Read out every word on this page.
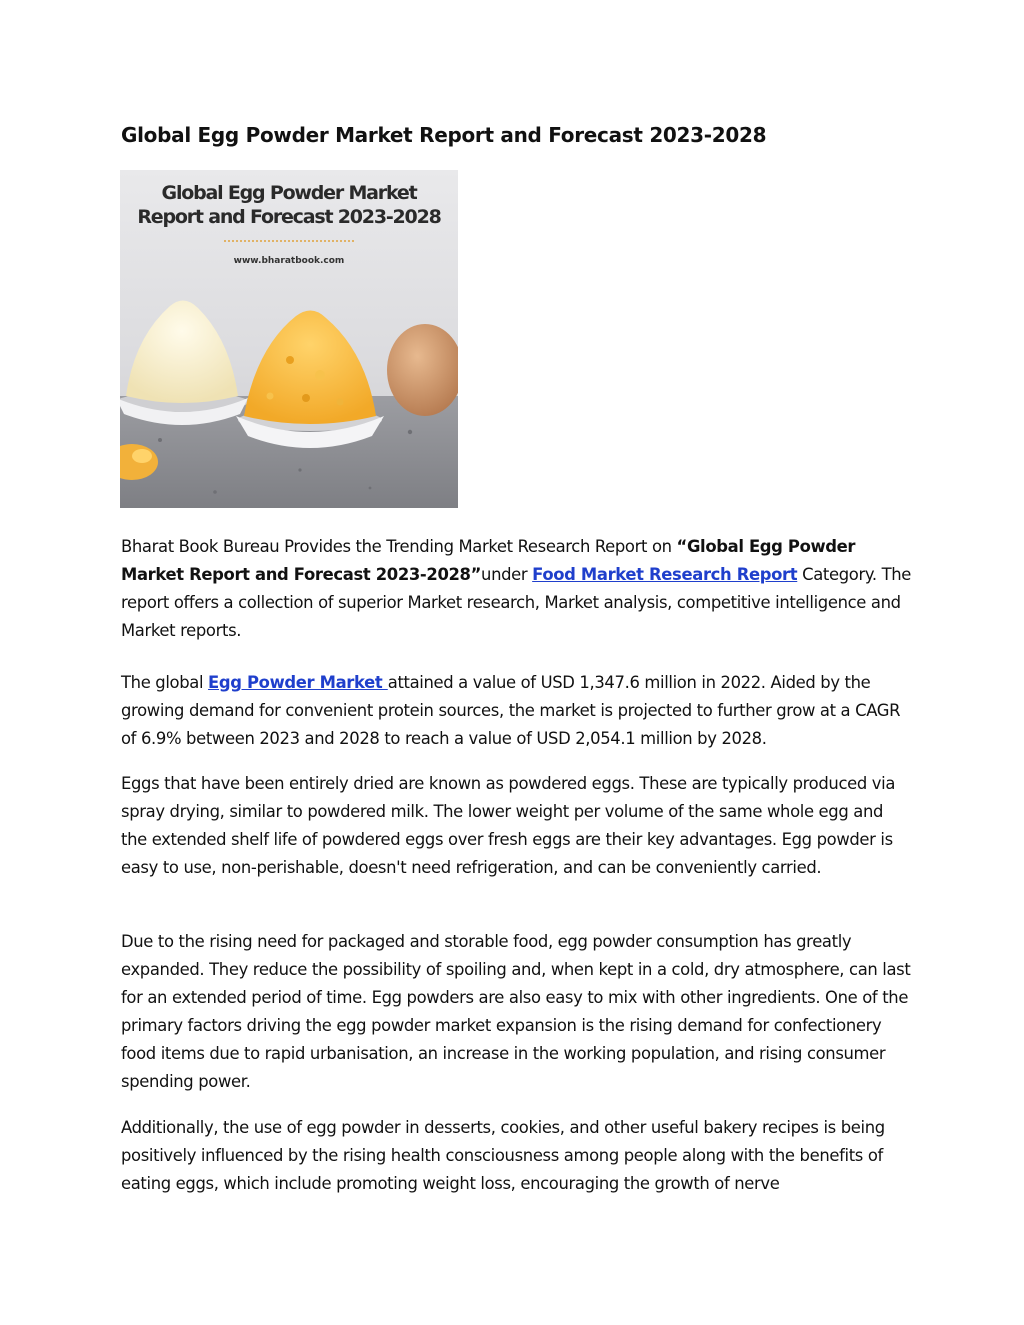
Global Egg Powder Market Report and Forecast 2023-2028
Global Egg Powder Market
Report and Forecast 2023-2028
www.bharatbook.com

Bharat Book Bureau Provides the Trending Market Research Report on “Global Egg Powder Market Report and Forecast 2023-2028”under Food Market Research Report Category. The report offers a collection of superior Market research, Market analysis, competitive intelligence and Market reports.

The global Egg Powder Market attained a value of USD 1,347.6 million in 2022. Aided by the growing demand for convenient protein sources, the market is projected to further grow at a CAGR of 6.9% between 2023 and 2028 to reach a value of USD 2,054.1 million by 2028.

Eggs that have been entirely dried are known as powdered eggs. These are typically produced via spray drying, similar to powdered milk. The lower weight per volume of the same whole egg and the extended shelf life of powdered eggs over fresh eggs are their key advantages. Egg powder is easy to use, non-perishable, doesn't need refrigeration, and can be conveniently carried.

Due to the rising need for packaged and storable food, egg powder consumption has greatly expanded. They reduce the possibility of spoiling and, when kept in a cold, dry atmosphere, can last for an extended period of time. Egg powders are also easy to mix with other ingredients. One of the primary factors driving the egg powder market expansion is the rising demand for confectionery food items due to rapid urbanisation, an increase in the working population, and rising consumer spending power.

Additionally, the use of egg powder in desserts, cookies, and other useful bakery recipes is being positively influenced by the rising health consciousness among people along with the benefits of eating eggs, which include promoting weight loss, encouraging the growth of nerve
